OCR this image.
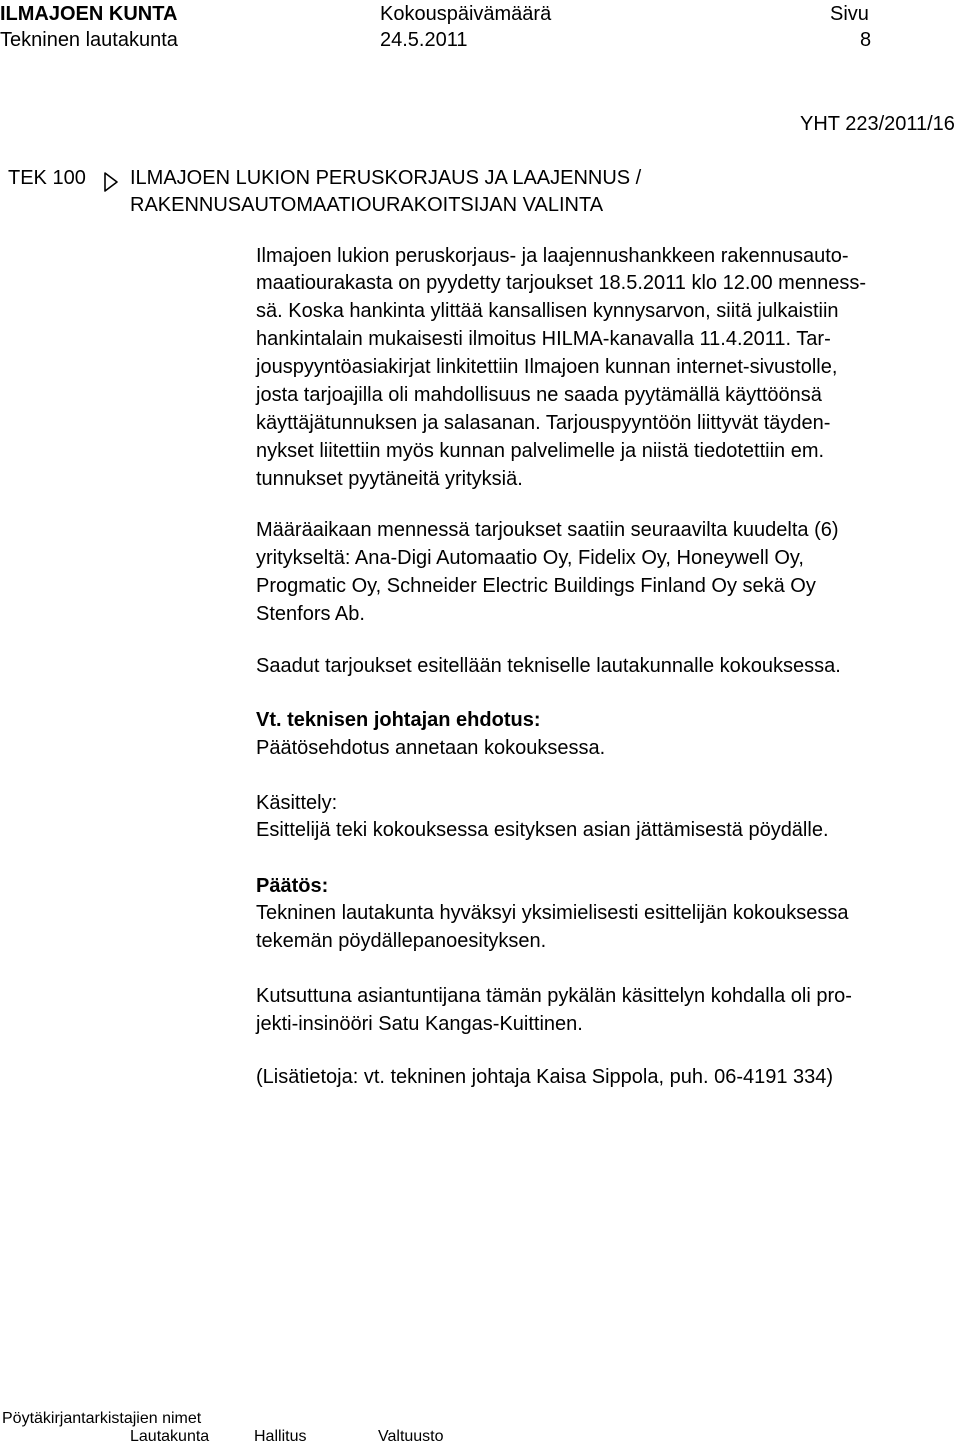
ILMAJOEN KUNTA
Tekninen lautakunta
Kokouspäivämäärä
24.5.2011
Sivu
8
YHT 223/2011/16
TEK 100 ILMAJOEN LUKION PERUSKORJAUS JA LAAJENNUS /
RAKENNUSAUTOMAATIOURAKOITSIJAN VALINTA
Ilmajoen lukion peruskorjaus- ja laajennushankkeen rakennusauto-
maatiourakasta on pyydetty tarjoukset 18.5.2011 klo 12.00 menness-
sä. Koska hankinta ylittää kansallisen kynnysarvon, siitä julkaistiin
hankintalain mukaisesti ilmoitus HILMA-kanavalla 11.4.2011. Tar-
jouspyyntöasiakirjat linkitettiin Ilmajoen kunnan internet-sivustolle,
josta tarjoajilla oli mahdollisuus ne saada pyytämällä käyttöönsä
käyttäjätunnuksen ja salasanan. Tarjouspyyntöön liittyvät täyden-
nykset liitettiin myös kunnan palvelimelle ja niistä tiedotettiin em.
tunnukset pyytäneitä yrityksiä.
Määräaikaan mennessä tarjoukset saatiin seuraavilta kuudelta (6)
yritykseltä: Ana-Digi Automaatio Oy, Fidelix Oy, Honeywell Oy,
Progmatic Oy, Schneider Electric Buildings Finland Oy sekä Oy
Stenfors Ab.
Saadut tarjoukset esitellään tekniselle lautakunnalle kokouksessa.
Vt. teknisen johtajan ehdotus:
Päätösehdotus annetaan kokouksessa.
Käsittely:
Esittelijä teki kokouksessa esityksen asian jättämisestä pöydälle.
Päätös:
Tekninen lautakunta hyväksyi yksimielisesti esittelijän kokouksessa
tekemän pöydällepanoesityksen.
Kutsuttuna asiantuntijana tämän pykälän käsittelyn kohdalla oli pro-
jekti-insinööri Satu Kangas-Kuittinen.
(Lisätietoja: vt. tekninen johtaja Kaisa Sippola, puh. 06-4191 334)
Pöytäkirjantarkistajien nimet
Lautakunta	Hallitus	Valtuusto
